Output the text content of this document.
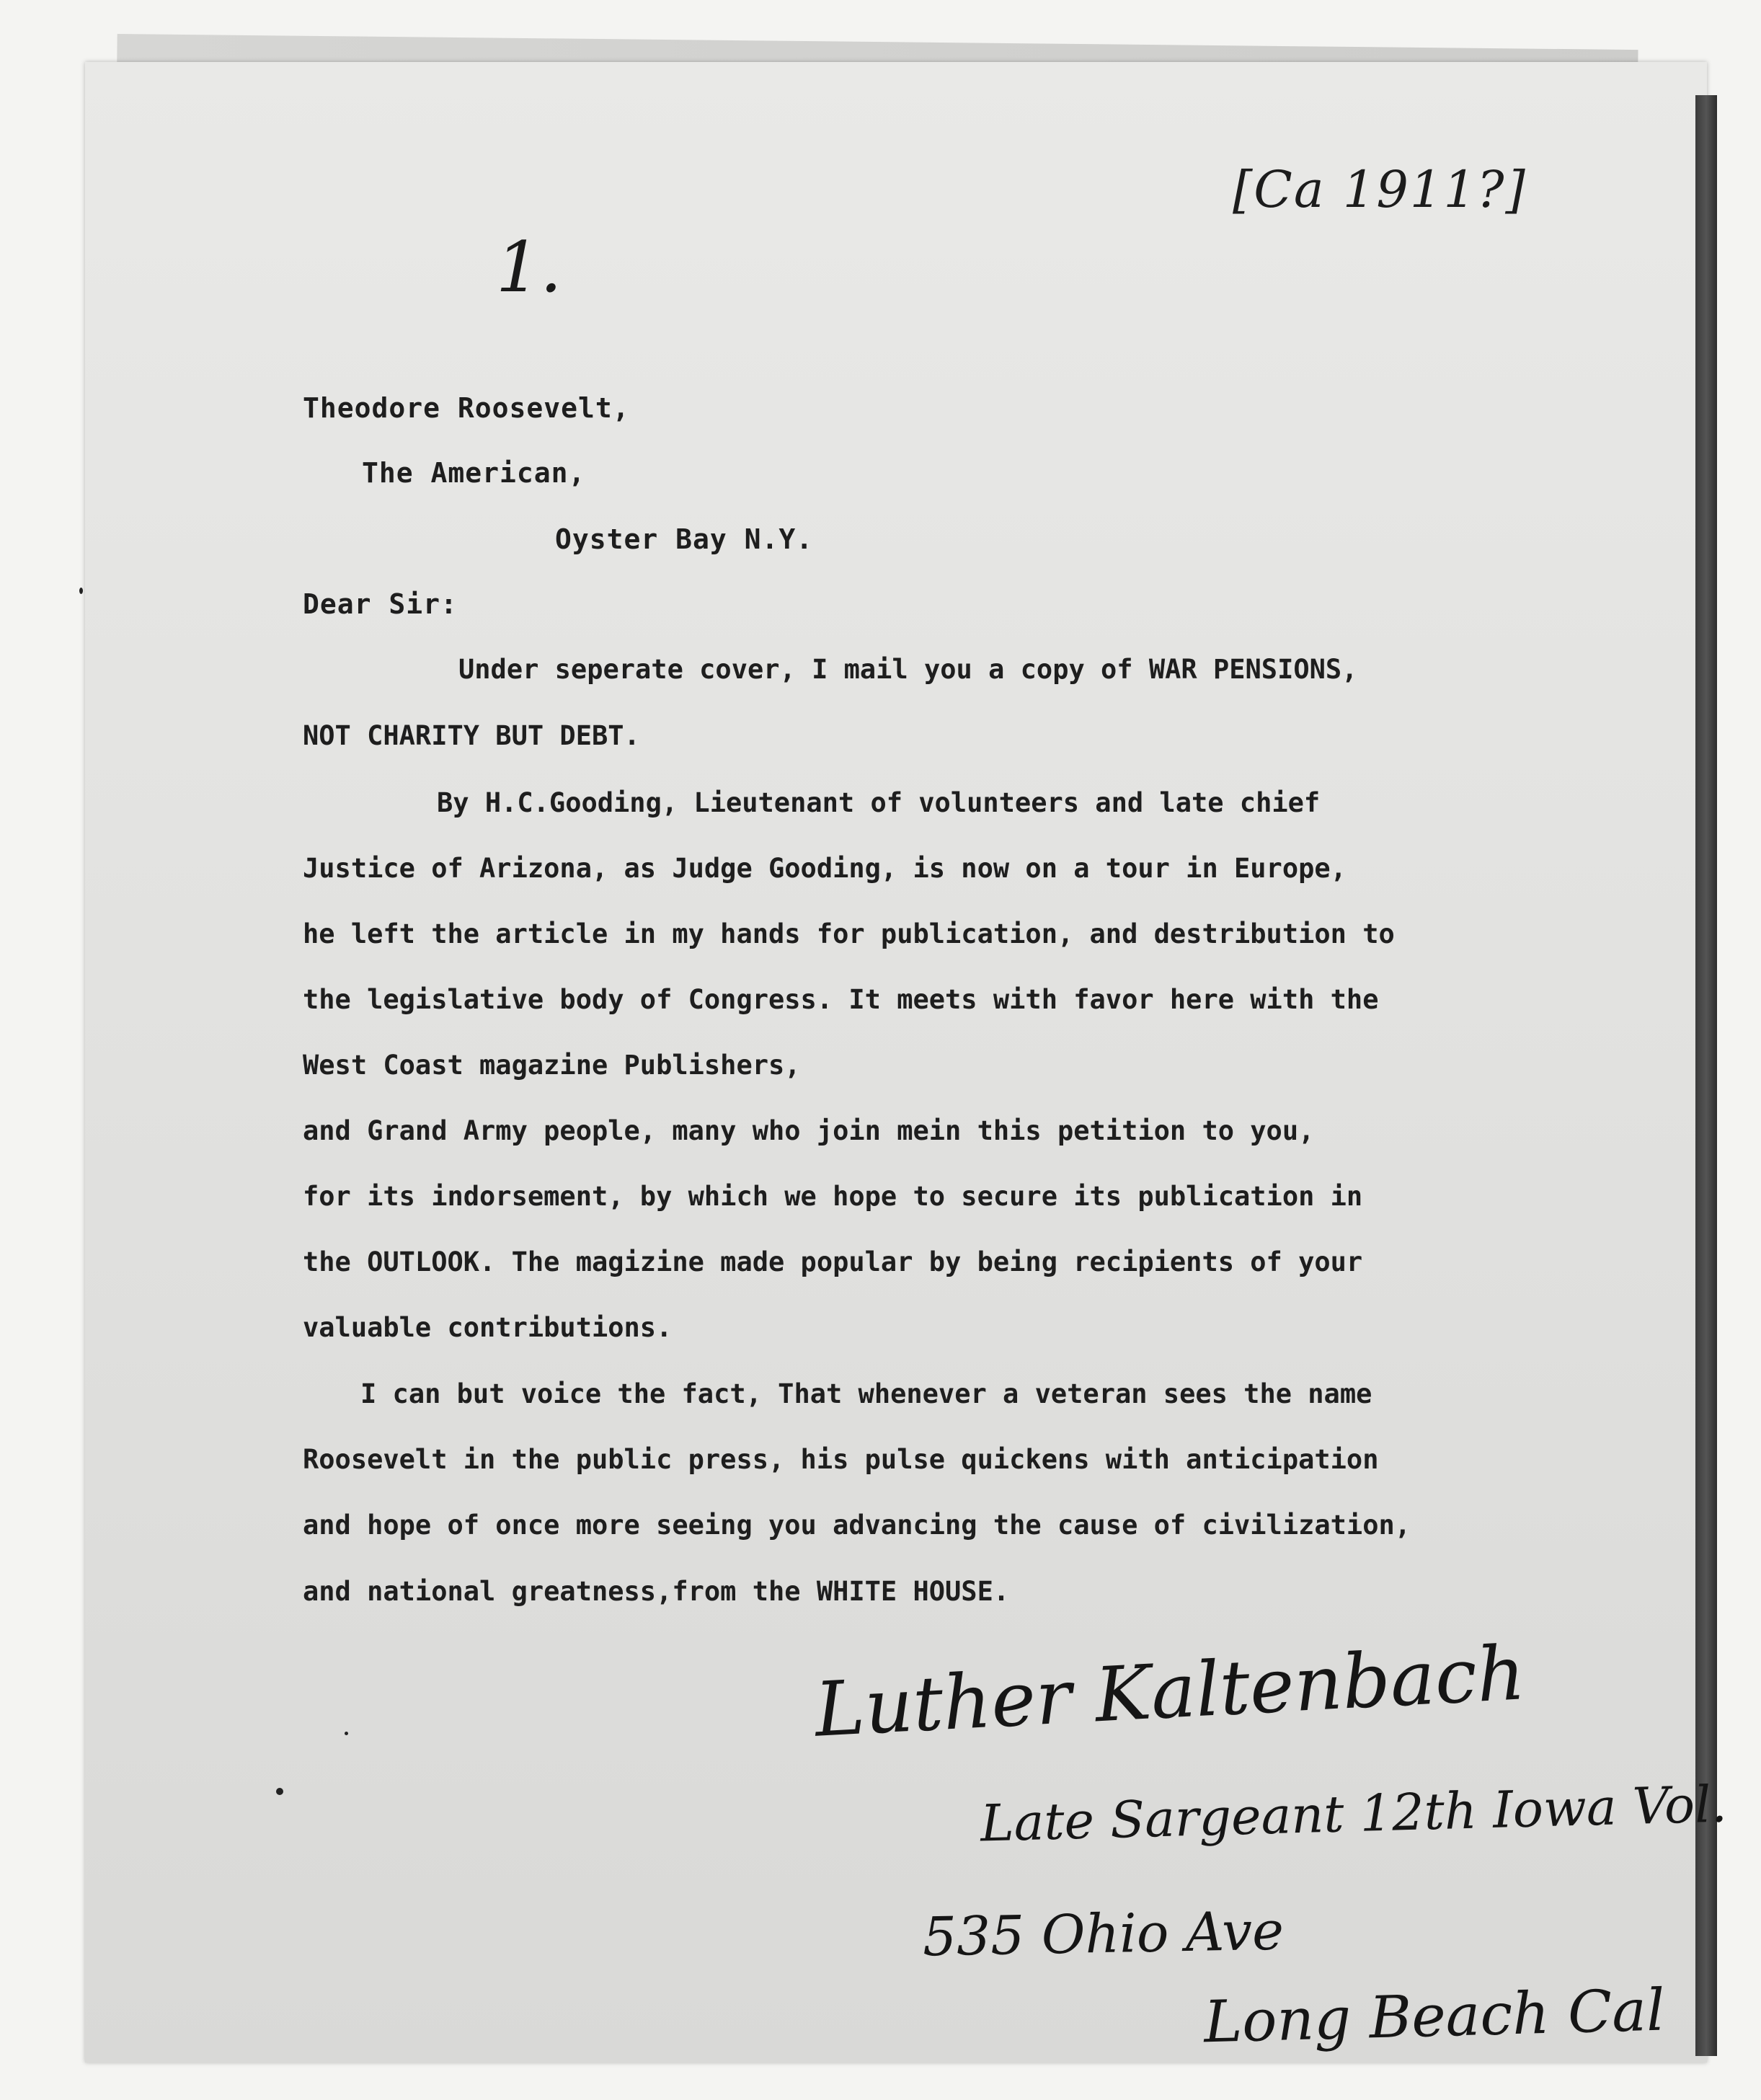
[Ca 1911?]
1.
Theodore Roosevelt,
The American,
Oyster Bay N.Y.
Dear Sir:
Under seperate cover, I mail you a copy of WAR PENSIONS,
NOT CHARITY BUT DEBT.
By H.C.Gooding, Lieutenant of volunteers and late chief
Justice of Arizona, as Judge Gooding, is now on a tour in Europe,
he left the article in my hands for publication, and destribution to
the legislative body of Congress. It meets with favor here with the
West Coast magazine Publishers,
and Grand Army people, many who join mein this petition to you,
for its indorsement, by which we hope to secure its publication in
the OUTLOOK. The magizine made popular by being recipients of your
valuable contributions.
I can but voice the fact, That whenever a veteran sees the name
Roosevelt in the public press, his pulse quickens with anticipation
and hope of once more seeing you advancing the cause of civilization,
and national greatness,from the WHITE HOUSE.
Luther Kaltenbach
Late Sargeant 12th Iowa Vol.
535 Ohio Ave
Long Beach Cal
